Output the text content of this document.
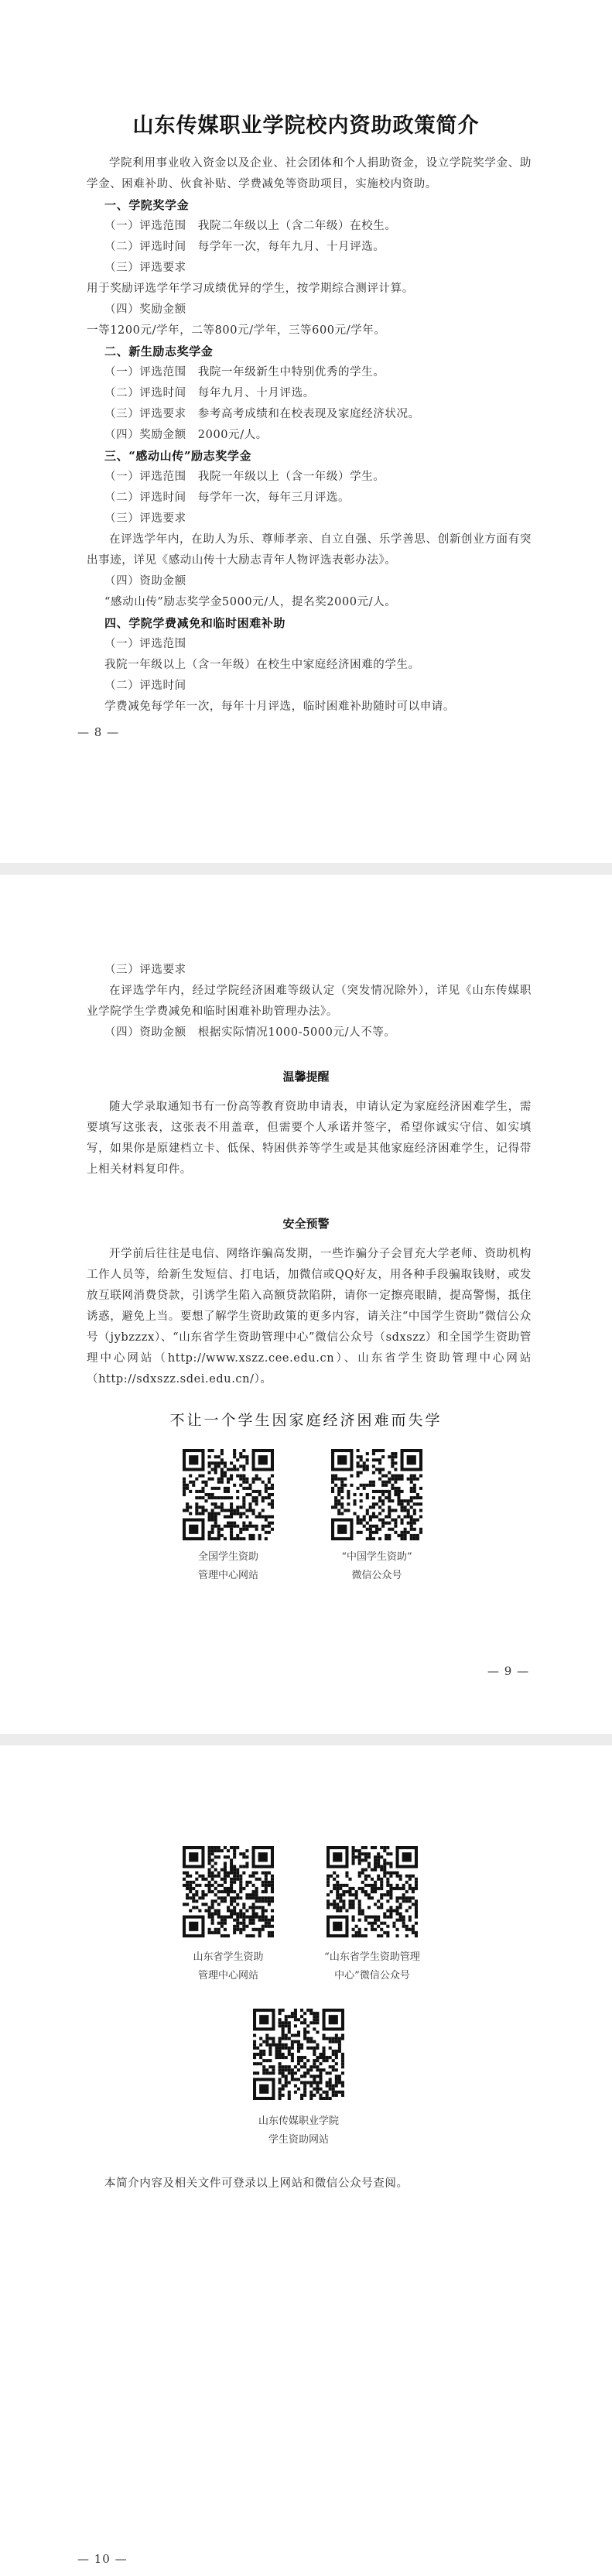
山东传媒职业学院校内资助政策简介

学院利用事业收入资金以及企业、社会团体和个人捐助资金，设立学院奖学金、助学金、困难补助、伙食补贴、学费减免等资助项目，实施校内资助。

一、学院奖学金
（一）评选范围　我院二年级以上（含二年级）在校生。
（二）评选时间　每学年一次，每年九月、十月评选。
（三）评选要求
用于奖励评选学年学习成绩优异的学生，按学期综合测评计算。
（四）奖励金额
一等1200元/学年，二等800元/学年，三等600元/学年。
二、新生励志奖学金
（一）评选范围　我院一年级新生中特别优秀的学生。
（二）评选时间　每年九月、十月评选。
（三）评选要求　参考高考成绩和在校表现及家庭经济状况。
（四）奖励金额　2000元/人。
三、“感动山传”励志奖学金
（一）评选范围　我院一年级以上（含一年级）学生。
（二）评选时间　每学年一次，每年三月评选。
（三）评选要求

在评选学年内，在助人为乐、尊师孝亲、自立自强、乐学善思、创新创业方面有突出事迹，详见《感动山传十大励志青年人物评选表彰办法》。

（四）资助金额
“感动山传”励志奖学金5000元/人，提名奖2000元/人。
四、学院学费减免和临时困难补助
（一）评选范围
我院一年级以上（含一年级）在校生中家庭经济困难的学生。
（二）评选时间
学费减免每学年一次，每年十月评选，临时困难补助随时可以申请。
— 8 —
（三）评选要求

在评选学年内，经过学院经济困难等级认定（突发情况除外），详见《山东传媒职业学院学生学费减免和临时困难补助管理办法》。

（四）资助金额　根据实际情况1000-5000元/人不等。
温馨提醒

随大学录取通知书有一份高等教育资助申请表，申请认定为家庭经济困难学生，需要填写这张表，这张表不用盖章，但需要个人承诺并签字，希望你诚实守信、如实填写，如果你是原建档立卡、低保、特困供养等学生或是其他家庭经济困难学生，记得带上相关材料复印件。

安全预警

开学前后往往是电信、网络诈骗高发期，一些诈骗分子会冒充大学老师、资助机构工作人员等，给新生发短信、打电话，加微信或QQ好友，用各种手段骗取钱财，或发放互联网消费贷款，引诱学生陷入高额贷款陷阱，请你一定擦亮眼睛，提高警惕，抵住诱惑，避免上当。要想了解学生资助政策的更多内容，请关注“中国学生资助”微信公众号（jybzzzx）、“山东省学生资助管理中心”微信公众号（sdxszz）和全国学生资助管理中心网站（http://www.xszz.cee.edu.cn）、山东省学生资助管理中心网站（http://sdxszz.sdei.edu.cn/）。

不让一个学生因家庭经济困难而失学
全国学生资助
管理中心网站
“中国学生资助”
微信公众号
— 9 —
山东省学生资助
管理中心网站
“山东省学生资助管理
中心”微信公众号
山东传媒职业学院
学生资助网站
本简介内容及相关文件可登录以上网站和微信公众号查阅。
— 10 —
